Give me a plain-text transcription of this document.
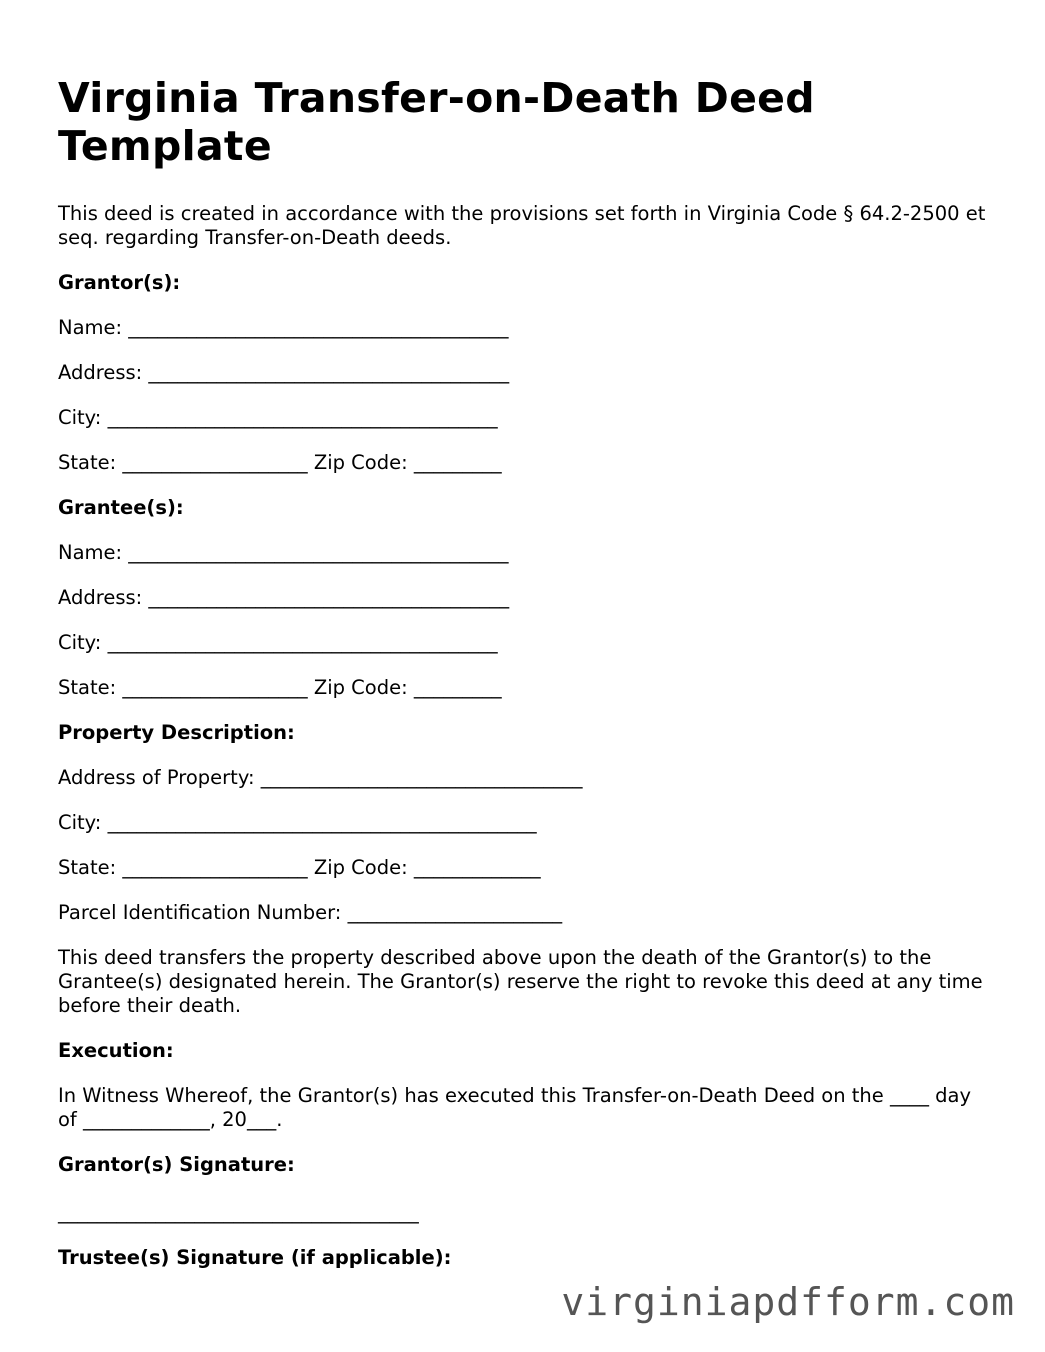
Virginia Transfer-on-Death Deed Template

This deed is created in accordance with the provisions set forth in Virginia Code § 64.2-2500 et seq. regarding Transfer-on-Death deeds.

Grantor(s):

Name: _______________________________________

Address: _____________________________________

City: ________________________________________

State: ___________________ Zip Code: _________

Grantee(s):

Name: _______________________________________

Address: _____________________________________

City: ________________________________________

State: ___________________ Zip Code: _________

Property Description:

Address of Property: _________________________________

City: ____________________________________________

State: ___________________ Zip Code: _____________

Parcel Identification Number: ______________________

This deed transfers the property described above upon the death of the Grantor(s) to the Grantee(s) designated herein. The Grantor(s) reserve the right to revoke this deed at any time before their death.

Execution:

In Witness Whereof, the Grantor(s) has executed this Transfer-on-Death Deed on the ____ day of _____________, 20___.

Grantor(s) Signature:

_____________________________________

Trustee(s) Signature (if applicable):

virginiapdfform.com
